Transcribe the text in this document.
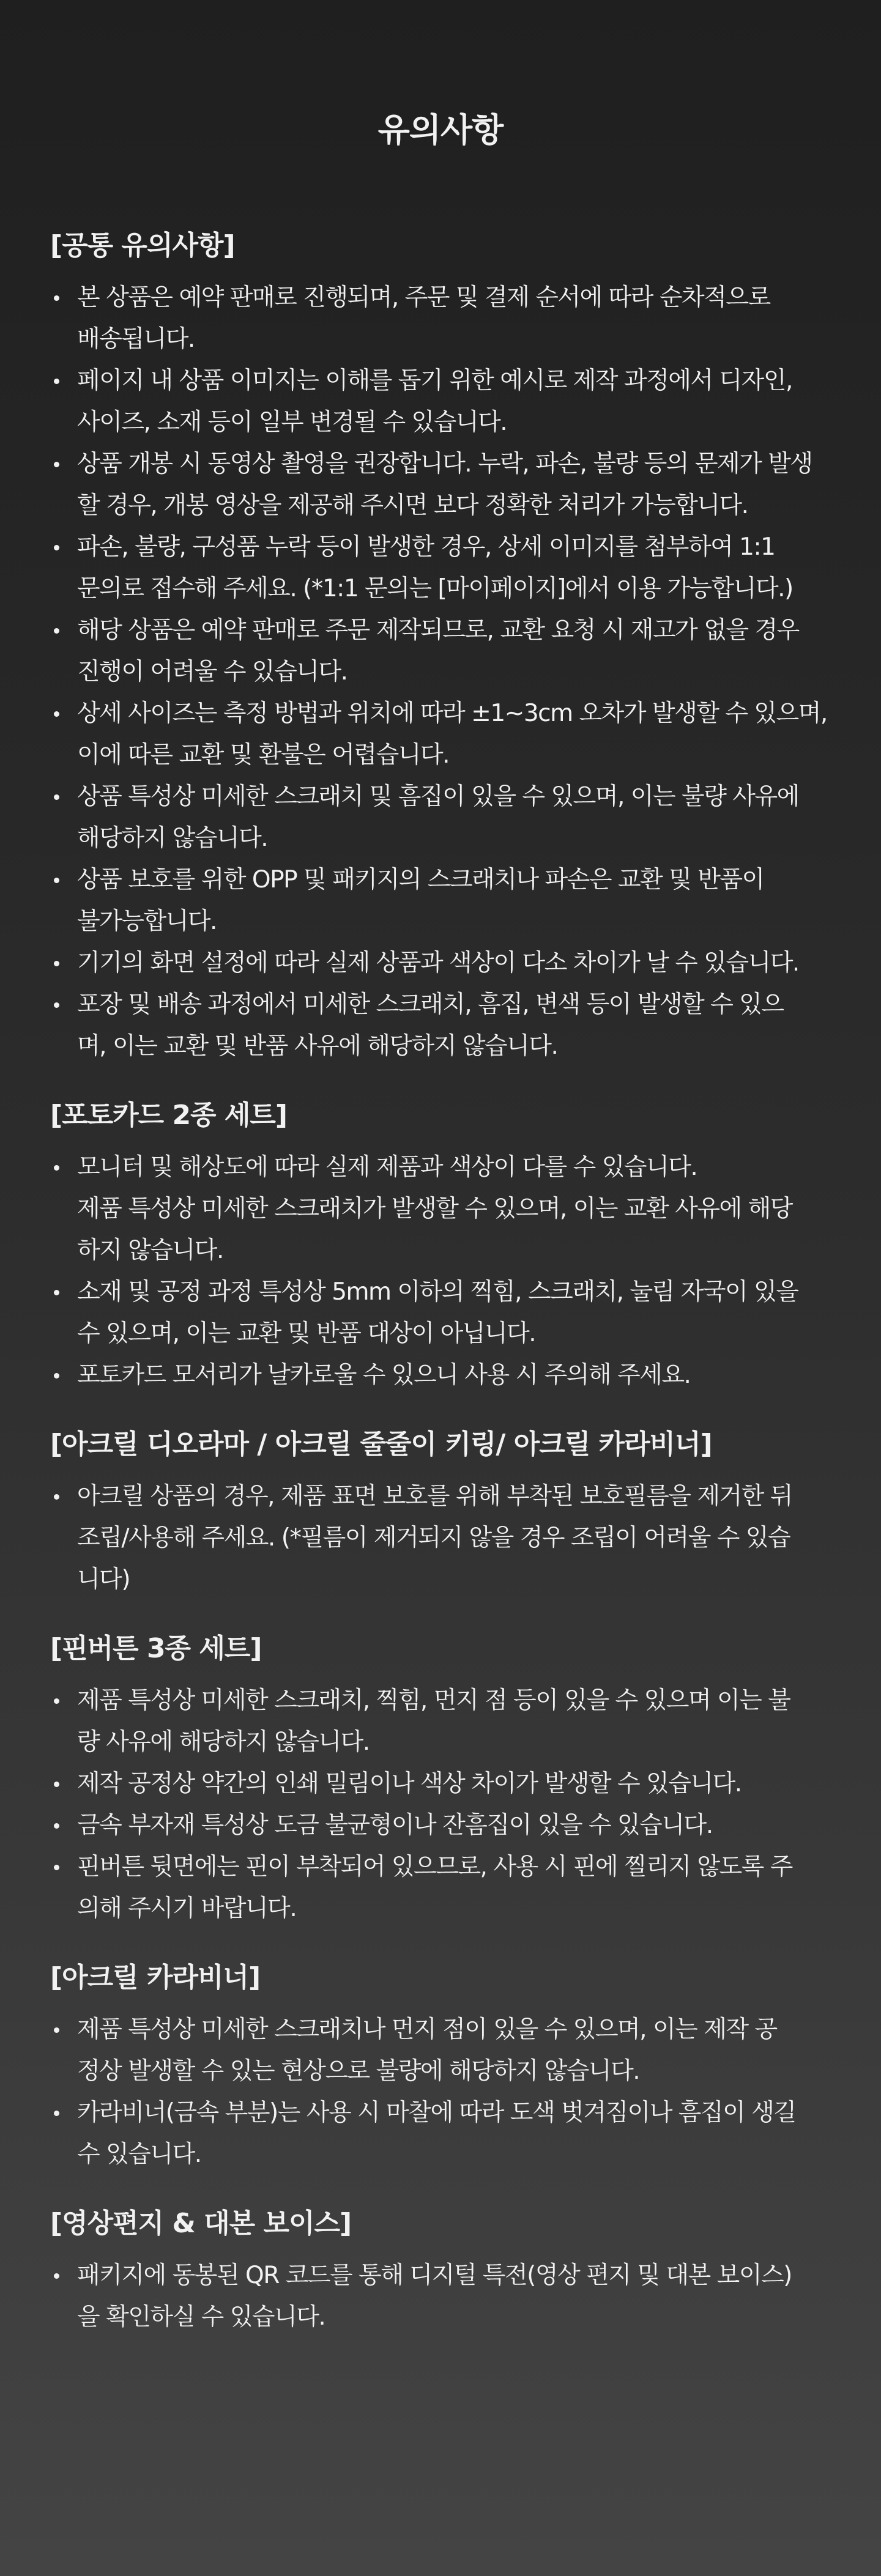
유의사항
[공통 유의사항]
본 상품은 예약 판매로 진행되며, 주문 및 결제 순서에 따라 순차적으로
배송됩니다.
페이지 내 상품 이미지는 이해를 돕기 위한 예시로 제작 과정에서 디자인,
사이즈, 소재 등이 일부 변경될 수 있습니다.
상품 개봉 시 동영상 촬영을 권장합니다. 누락, 파손, 불량 등의 문제가 발생
할 경우, 개봉 영상을 제공해 주시면 보다 정확한 처리가 가능합니다.
파손, 불량, 구성품 누락 등이 발생한 경우, 상세 이미지를 첨부하여 1:1
문의로 접수해 주세요. (*1:1 문의는 [마이페이지]에서 이용 가능합니다.)
해당 상품은 예약 판매로 주문 제작되므로, 교환 요청 시 재고가 없을 경우
진행이 어려울 수 있습니다.
상세 사이즈는 측정 방법과 위치에 따라 ±1~3cm 오차가 발생할 수 있으며,
이에 따른 교환 및 환불은 어렵습니다.
상품 특성상 미세한 스크래치 및 흠집이 있을 수 있으며, 이는 불량 사유에
해당하지 않습니다.
상품 보호를 위한 OPP 및 패키지의 스크래치나 파손은 교환 및 반품이
불가능합니다.
기기의 화면 설정에 따라 실제 상품과 색상이 다소 차이가 날 수 있습니다.
포장 및 배송 과정에서 미세한 스크래치, 흠집, 변색 등이 발생할 수 있으
며, 이는 교환 및 반품 사유에 해당하지 않습니다.
[포토카드 2종 세트]
모니터 및 해상도에 따라 실제 제품과 색상이 다를 수 있습니다.
제품 특성상 미세한 스크래치가 발생할 수 있으며, 이는 교환 사유에 해당
하지 않습니다.
소재 및 공정 과정 특성상 5mm 이하의 찍힘, 스크래치, 눌림 자국이 있을
수 있으며, 이는 교환 및 반품 대상이 아닙니다.
포토카드 모서리가 날카로울 수 있으니 사용 시 주의해 주세요.
[아크릴 디오라마 / 아크릴 줄줄이 키링/ 아크릴 카라비너]
아크릴 상품의 경우, 제품 표면 보호를 위해 부착된 보호필름을 제거한 뒤
조립/사용해 주세요. (*필름이 제거되지 않을 경우 조립이 어려울 수 있습
니다)
[핀버튼 3종 세트]
제품 특성상 미세한 스크래치, 찍힘, 먼지 점 등이 있을 수 있으며 이는 불
량 사유에 해당하지 않습니다.
제작 공정상 약간의 인쇄 밀림이나 색상 차이가 발생할 수 있습니다.
금속 부자재 특성상 도금 불균형이나 잔흠집이 있을 수 있습니다.
핀버튼 뒷면에는 핀이 부착되어 있으므로, 사용 시 핀에 찔리지 않도록 주
의해 주시기 바랍니다.
[아크릴 카라비너]
제품 특성상 미세한 스크래치나 먼지 점이 있을 수 있으며, 이는 제작 공
정상 발생할 수 있는 현상으로 불량에 해당하지 않습니다.
카라비너(금속 부분)는 사용 시 마찰에 따라 도색 벗겨짐이나 흠집이 생길
수 있습니다.
[영상편지 & 대본 보이스]
패키지에 동봉된 QR 코드를 통해 디지털 특전(영상 편지 및 대본 보이스)
을 확인하실 수 있습니다.
